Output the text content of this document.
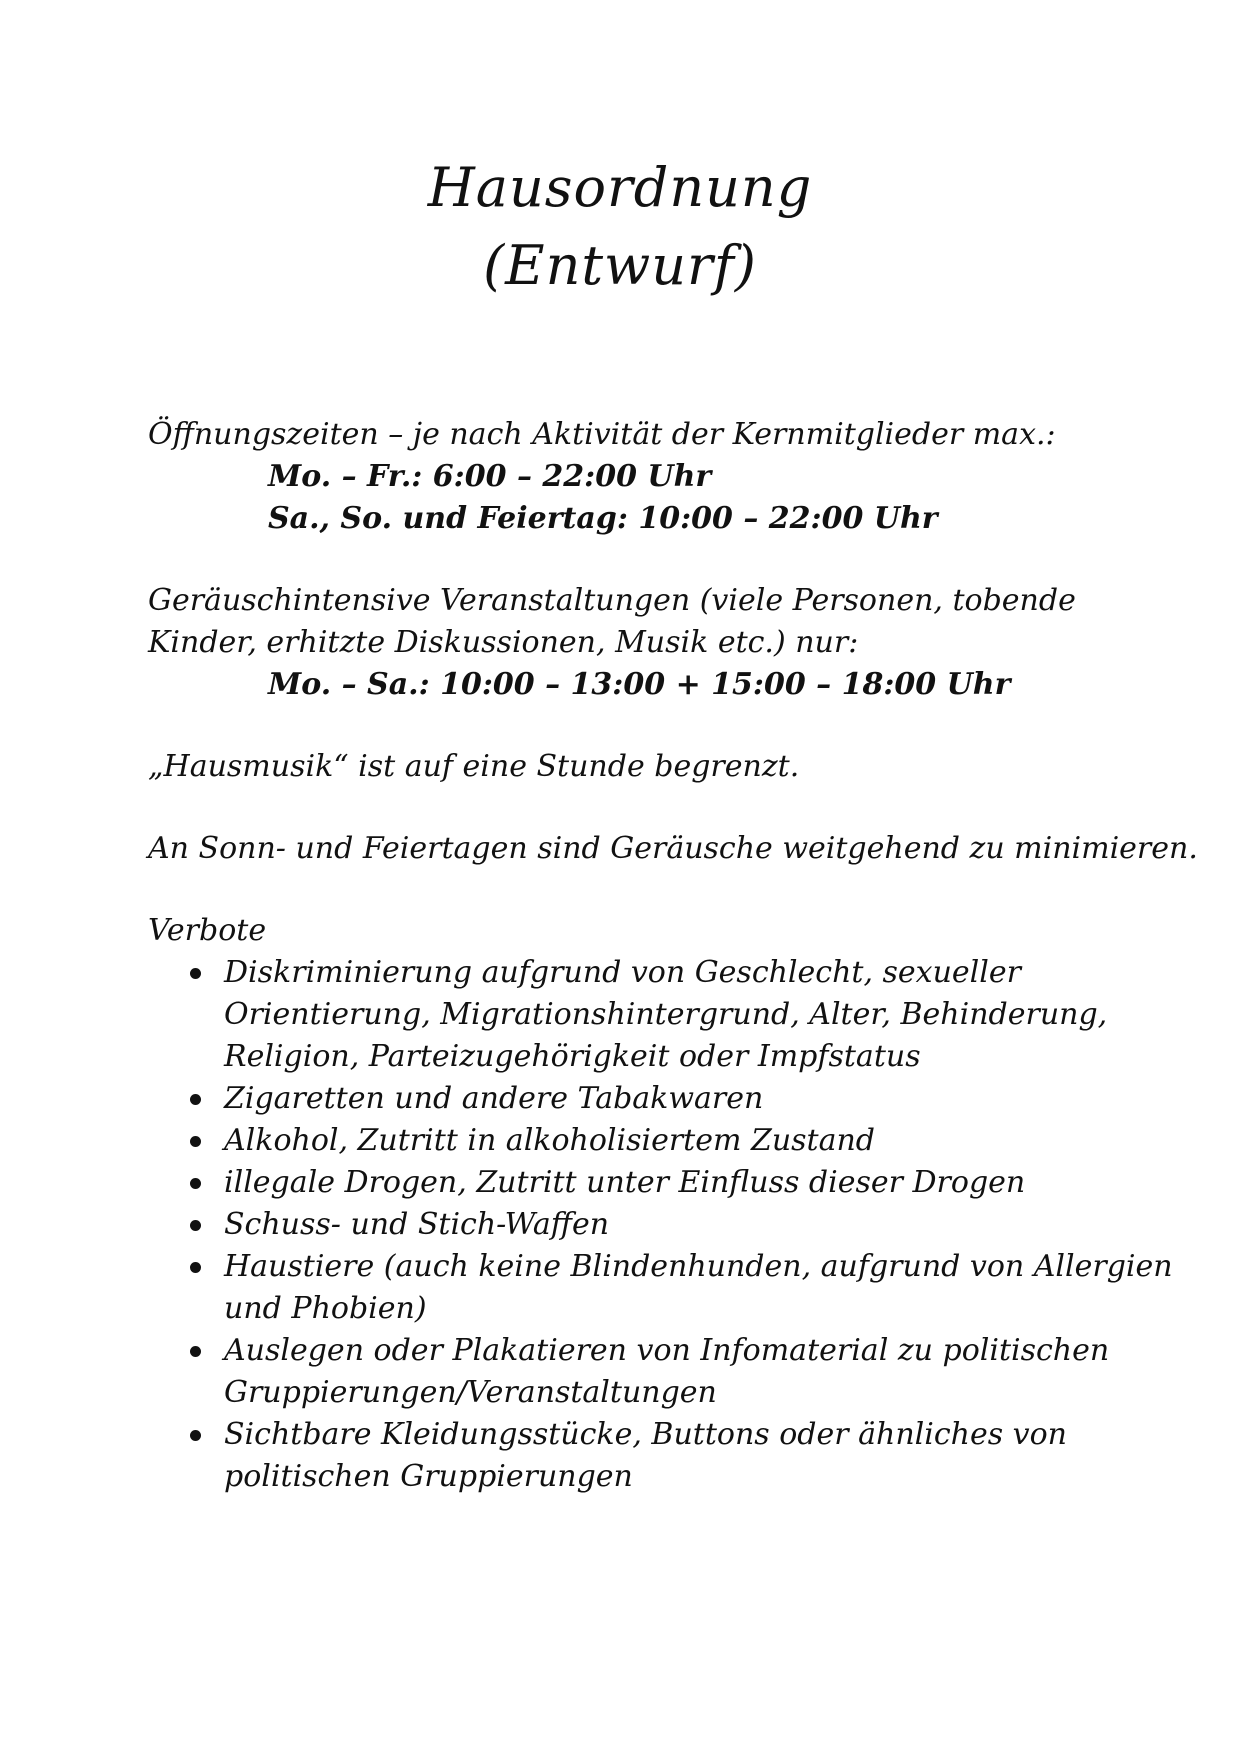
Hausordnung
(Entwurf)
Öffnungszeiten – je nach Aktivität der Kernmitglieder max.:
Mo. – Fr.: 6:00 – 22:00 Uhr
Sa., So. und Feiertag: 10:00 – 22:00 Uhr
Geräuschintensive Veranstaltungen (viele Personen, tobende
Kinder, erhitzte Diskussionen, Musik etc.) nur:
Mo. – Sa.: 10:00 – 13:00 + 15:00 – 18:00 Uhr
„Hausmusik“ ist auf eine Stunde begrenzt.
An Sonn- und Feiertagen sind Geräusche weitgehend zu minimieren.
Verbote
Diskriminierung aufgrund von Geschlecht, sexueller
Orientierung, Migrationshintergrund, Alter, Behinderung,
Religion, Parteizugehörigkeit oder Impfstatus
Zigaretten und andere Tabakwaren
Alkohol, Zutritt in alkoholisiertem Zustand
illegale Drogen, Zutritt unter Einfluss dieser Drogen
Schuss- und Stich-Waffen
Haustiere (auch keine Blindenhunden, aufgrund von Allergien
und Phobien)
Auslegen oder Plakatieren von Infomaterial zu politischen
Gruppierungen/Veranstaltungen
Sichtbare Kleidungsstücke, Buttons oder ähnliches von
politischen Gruppierungen
